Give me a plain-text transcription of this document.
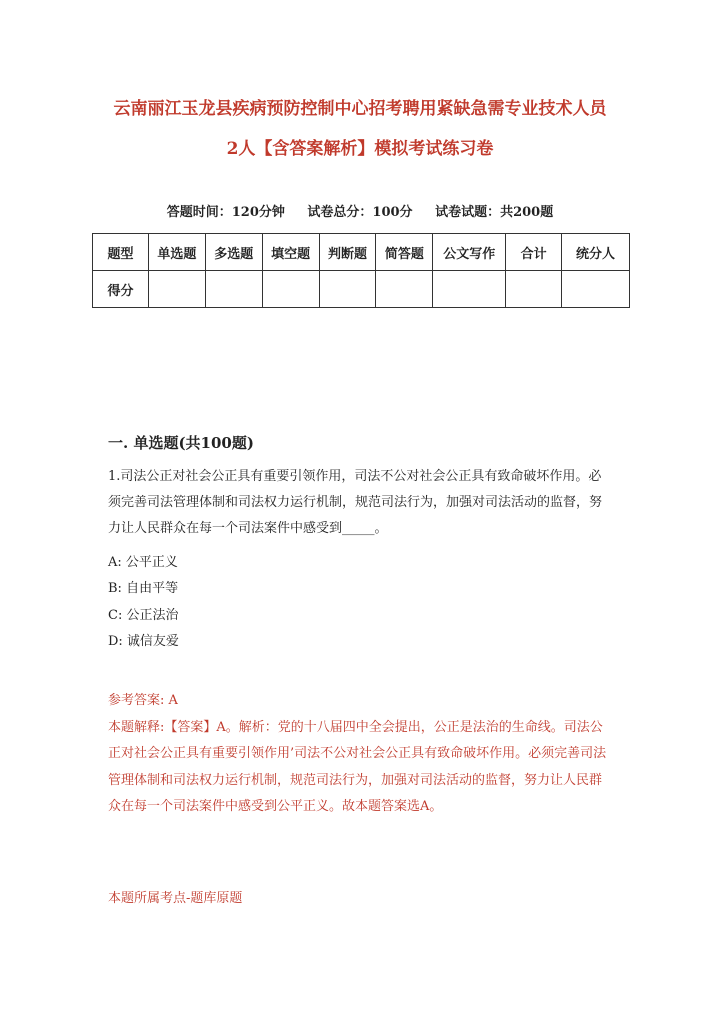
云南丽江玉龙县疾病预防控制中心招考聘用紧缺急需专业技术人员
2人【含答案解析】模拟考试练习卷
答题时间：120分钟 试卷总分：100分 试卷试题：共200题
题型	单选题	多选题	填空题	判断题	简答题	公文写作	合计	统分人
得分								
一. 单选题(共100题)
1.司法公正对社会公正具有重要引领作用，司法不公对社会公正具有致命破坏作用。必须完善司法管理体制和司法权力运行机制，规范司法行为，加强对司法活动的监督，努力让人民群众在每一个司法案件中感受到_____。
A: 公平正义
B: 自由平等
C: 公正法治
D: 诚信友爱
参考答案: A
本题解释:【答案】A。解析：党的十八届四中全会提出，公正是法治的生命线。司法公正对社会公正具有重要引领作用’司法不公对社会公正具有致命破坏作用。必须完善司法管理体制和司法权力运行机制，规范司法行为，加强对司法活动的监督，努力让人民群众在每一个司法案件中感受到公平正义。故本题答案选A。
本题所属考点-题库原题
